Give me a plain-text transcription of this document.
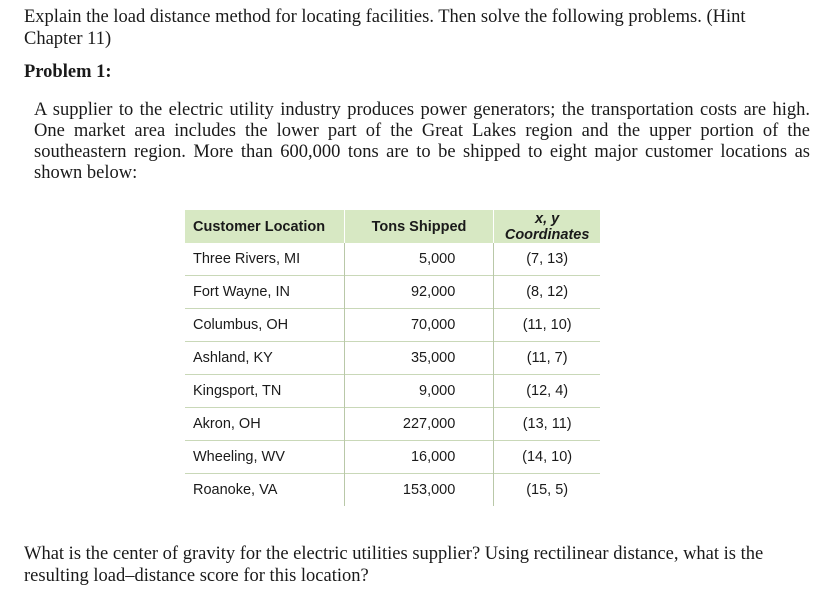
Explain the load distance method for locating facilities. Then solve the following problems. (Hint Chapter 11)
Problem 1:
A supplier to the electric utility industry produces power generators; the transportation costs are high. One market area includes the lower part of the Great Lakes region and the upper portion of the southeastern region. More than 600,000 tons are to be shipped to eight major customer locations as shown below:
Customer Location	Tons Shipped	x, y Coordinates
Three Rivers, MI	5,000	(7, 13)
Fort Wayne, IN	92,000	(8, 12)
Columbus, OH	70,000	(11, 10)
Ashland, KY	35,000	(11, 7)
Kingsport, TN	9,000	(12, 4)
Akron, OH	227,000	(13, 11)
Wheeling, WV	16,000	(14, 10)
Roanoke, VA	153,000	(15, 5)
What is the center of gravity for the electric utilities supplier? Using rectilinear distance, what is the resulting load–distance score for this location?
